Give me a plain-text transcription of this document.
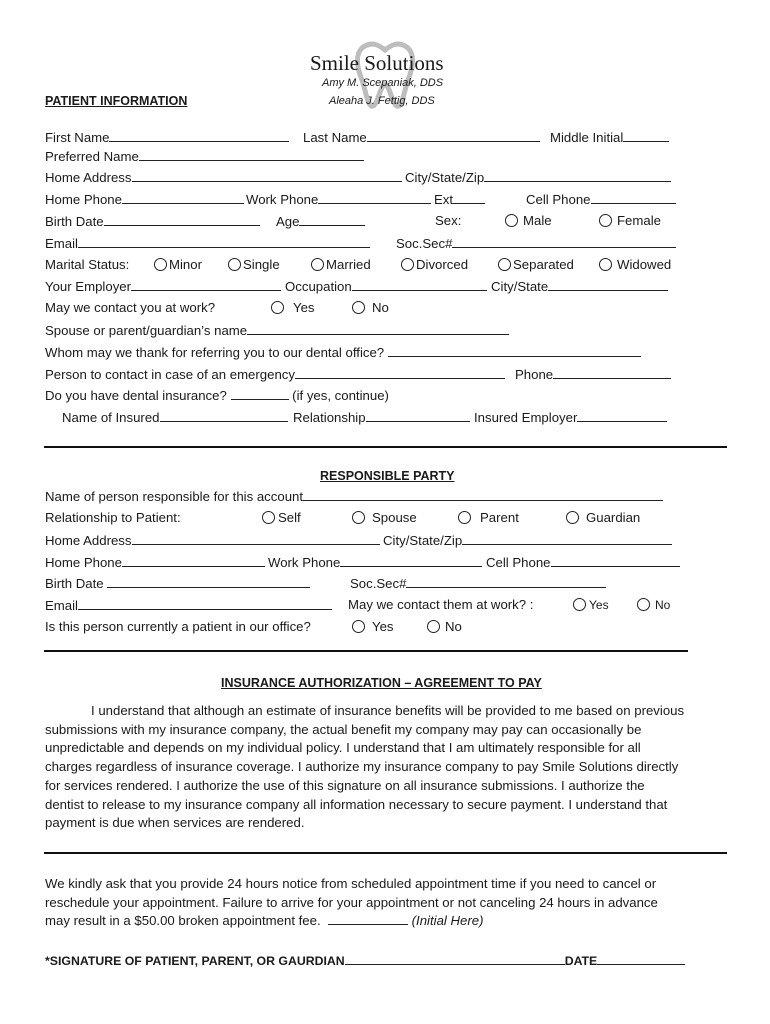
Smile Solutions
Amy M. Scepaniak, DDS
Aleaha J. Fettig, DDS
PATIENT INFORMATION
First Name	Last Name	Middle Initial
Preferred Name
Home Address	City/State/Zip
Home Phone	Work Phone	Ext	Cell Phone
Birth Date	Age	Sex:	Male	Female
Email	Soc.Sec#
Marital Status:	Minor	Single	Married	Divorced	Separated	Widowed
Your Employer	Occupation	City/State
May we contact you at work?	Yes	No
Spouse or parent/guardian’s name
Whom may we thank for referring you to our dental office?
Person to contact in case of an emergency	Phone
Do you have dental insurance?	(if yes, continue)
Name of Insured	Relationship	Insured Employer
RESPONSIBLE PARTY
Name of person responsible for this account
Relationship to Patient:	Self	Spouse	Parent	Guardian
Home Address	City/State/Zip
Home Phone	Work Phone	Cell Phone
Birth Date	Soc.Sec#
Email	May we contact them at work? :	Yes	No
Is this person currently a patient in our office?	Yes	No
INSURANCE AUTHORIZATION – AGREEMENT TO PAY
I understand that although an estimate of insurance benefits will be provided to me based on previous
submissions with my insurance company, the actual benefit my company may pay can occasionally be
unpredictable and depends on my individual policy. I understand that I am ultimately responsible for all
charges regardless of insurance coverage. I authorize my insurance company to pay Smile Solutions directly
for services rendered. I authorize the use of this signature on all insurance submissions. I authorize the
dentist to release to my insurance company all information necessary to secure payment. I understand that
payment is due when services are rendered.
We kindly ask that you provide 24 hours notice from scheduled appointment time if you need to cancel or
reschedule your appointment. Failure to arrive for your appointment or not canceling 24 hours in advance
may result in a $50.00 broken appointment fee.	(Initial Here)
*SIGNATURE OF PATIENT, PARENT, OR GAURDIAN	DATE
